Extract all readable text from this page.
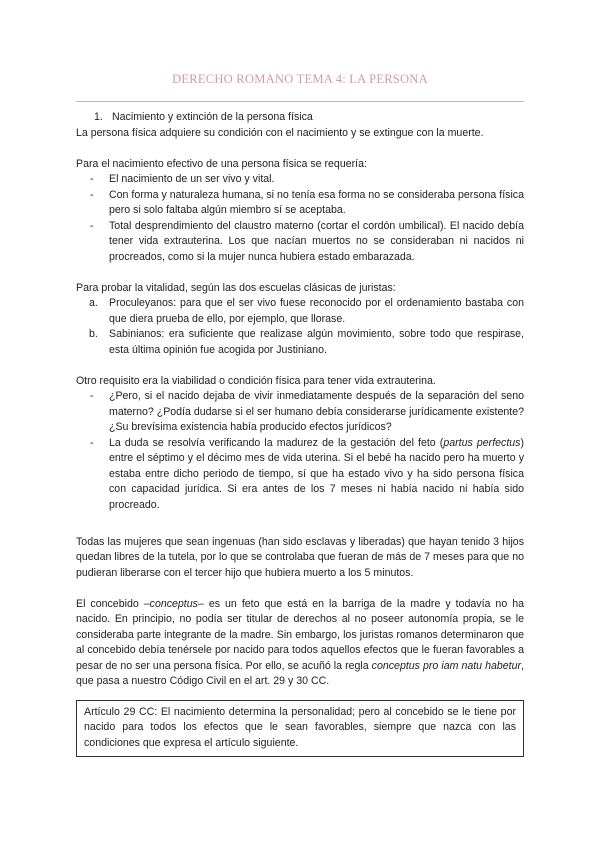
DERECHO ROMANO TEMA 4: LA PERSONA
1. Nacimiento y extinción de la persona física

La persona física adquiere su condición con el nacimiento y se extingue con la muerte.

Para el nacimiento efectivo de una persona física se requería:

- El nacimiento de un ser vivo y vital.
- Con forma y naturaleza humana, si no tenía esa forma no se consideraba persona física pero si solo faltaba algún miembro sí se aceptaba.
- Total desprendimiento del claustro materno (cortar el cordón umbilical). El nacido debía tener vida extrauterina. Los que nacían muertos no se consideraban ni nacidos ni procreados, como si la mujer nunca hubiera estado embarazada.

Para probar la vitalidad, según las dos escuelas clásicas de juristas:

a. Proculeyanos: para que el ser vivo fuese reconocido por el ordenamiento bastaba con que diera prueba de ello, por ejemplo, que llorase.
b. Sabinianos: era suficiente que realizase algún movimiento, sobre todo que respirase, esta última opinión fue acogida por Justiniano.

Otro requisito era la viabilidad o condición física para tener vida extrauterina.

- ¿Pero, si el nacido dejaba de vivir inmediatamente después de la separación del seno materno? ¿Podía dudarse si el ser humano debía considerarse jurídicamente existente? ¿Su brevísima existencia había producido efectos jurídicos?
- La duda se resolvía verificando la madurez de la gestación del feto (partus perfectus) entre el séptimo y el décimo mes de vida uterina. Si el bebé ha nacido pero ha muerto y estaba entre dicho periodo de tiempo, sí que ha estado vivo y ha sido persona física con capacidad jurídica. Si era antes de los 7 meses ni había nacido ni había sido procreado.

Todas las mujeres que sean ingenuas (han sido esclavas y liberadas) que hayan tenido 3 hijos quedan libres de la tutela, por lo que se controlaba que fueran de más de 7 meses para que no pudieran liberarse con el tercer hijo que hubiera muerto a los 5 minutos.

El concebido –conceptus– es un feto que está en la barriga de la madre y todavía no ha nacido. En principio, no podía ser titular de derechos al no poseer autonomía propia, se le consideraba parte integrante de la madre. Sin embargo, los juristas romanos determinaron que al concebido debía tenérsele por nacido para todos aquellos efectos que le fueran favorables a pesar de no ser una persona física. Por ello, se acuñó la regla conceptus pro iam natu habetur, que pasa a nuestro Código Civil en el art. 29 y 30 CC.

Artículo 29 CC: El nacimiento determina la personalidad; pero al concebido se le tiene por nacido para todos los efectos que le sean favorables, siempre que nazca con las condiciones que expresa el artículo siguiente.
